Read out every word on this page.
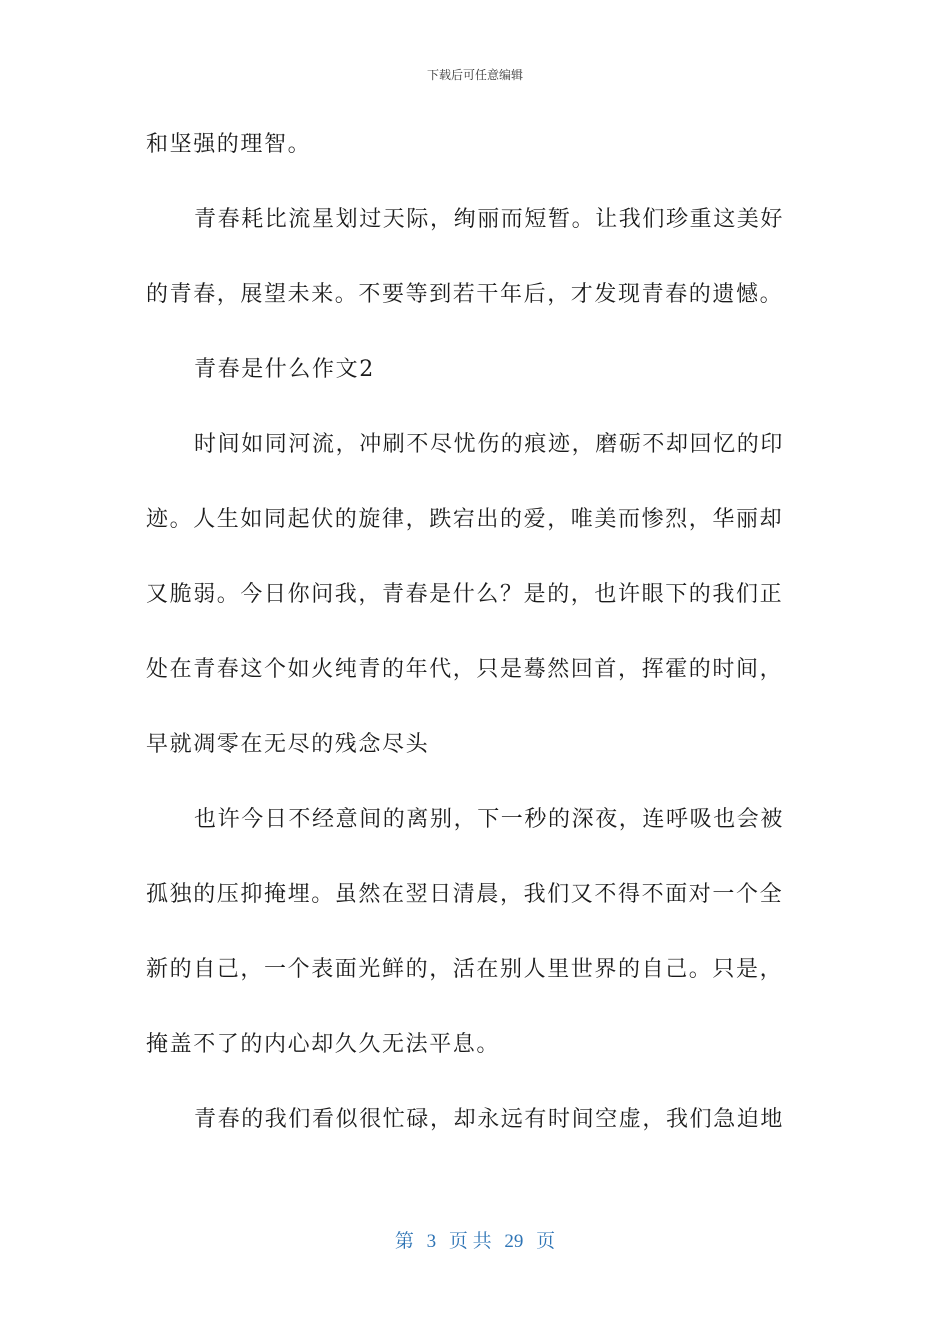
下载后可任意编辑
和坚强的理智。
青春耗比流星划过天际，绚丽而短暂。让我们珍重这美好
的青春，展望未来。不要等到若干年后，才发现青春的遗憾。
青春是什么作文2
时间如同河流，冲刷不尽忧伤的痕迹，磨砺不却回忆的印
迹。人生如同起伏的旋律，跌宕出的爱，唯美而惨烈，华丽却
又脆弱。今日你问我，青春是什么？是的，也许眼下的我们正
处在青春这个如火纯青的年代，只是蓦然回首，挥霍的时间，
早就凋零在无尽的残念尽头
也许今日不经意间的离别，下一秒的深夜，连呼吸也会被
孤独的压抑掩埋。虽然在翌日清晨，我们又不得不面对一个全
新的自己，一个表面光鲜的，活在别人里世界的自己。只是，
掩盖不了的内心却久久无法平息。
青春的我们看似很忙碌，却永远有时间空虚，我们急迫地
第 3 页 共 29 页
